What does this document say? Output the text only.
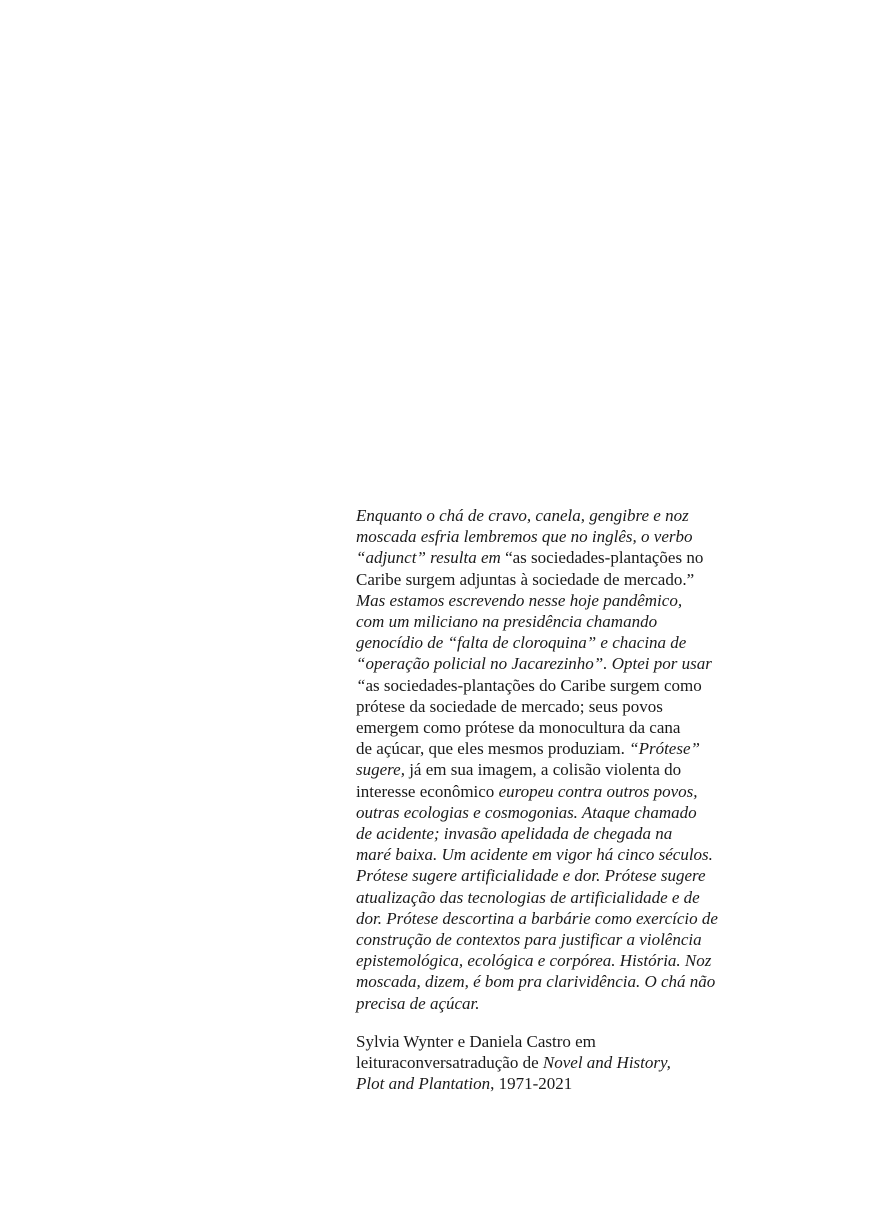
Enquanto o chá de cravo, canela, gengibre e noz
moscada esfria lembremos que no inglês, o verbo
“adjunct” resulta em “as sociedades-plantações no
Caribe surgem adjuntas à sociedade de mercado.”
Mas estamos escrevendo nesse hoje pandêmico,
com um miliciano na presidência chamando
genocídio de “falta de cloroquina” e chacina de
“operação policial no Jacarezinho”. Optei por usar
“as sociedades-plantações do Caribe surgem como
prótese da sociedade de mercado; seus povos
emergem como prótese da monocultura da cana
de açúcar, que eles mesmos produziam. “Prótese”
sugere, já em sua imagem, a colisão violenta do
interesse econômico europeu contra outros povos,
outras ecologias e cosmogonias. Ataque chamado
de acidente; invasão apelidada de chegada na
maré baixa. Um acidente em vigor há cinco séculos.
Prótese sugere artificialidade e dor. Prótese sugere
atualização das tecnologias de artificialidade e de
dor. Prótese descortina a barbárie como exercício de
construção de contextos para justificar a violência
epistemológica, ecológica e corpórea. História. Noz
moscada, dizem, é bom pra clarividência. O chá não
precisa de açúcar.
Sylvia Wynter e Daniela Castro em
leituraconversatradução de Novel and History,
Plot and Plantation, 1971-2021
